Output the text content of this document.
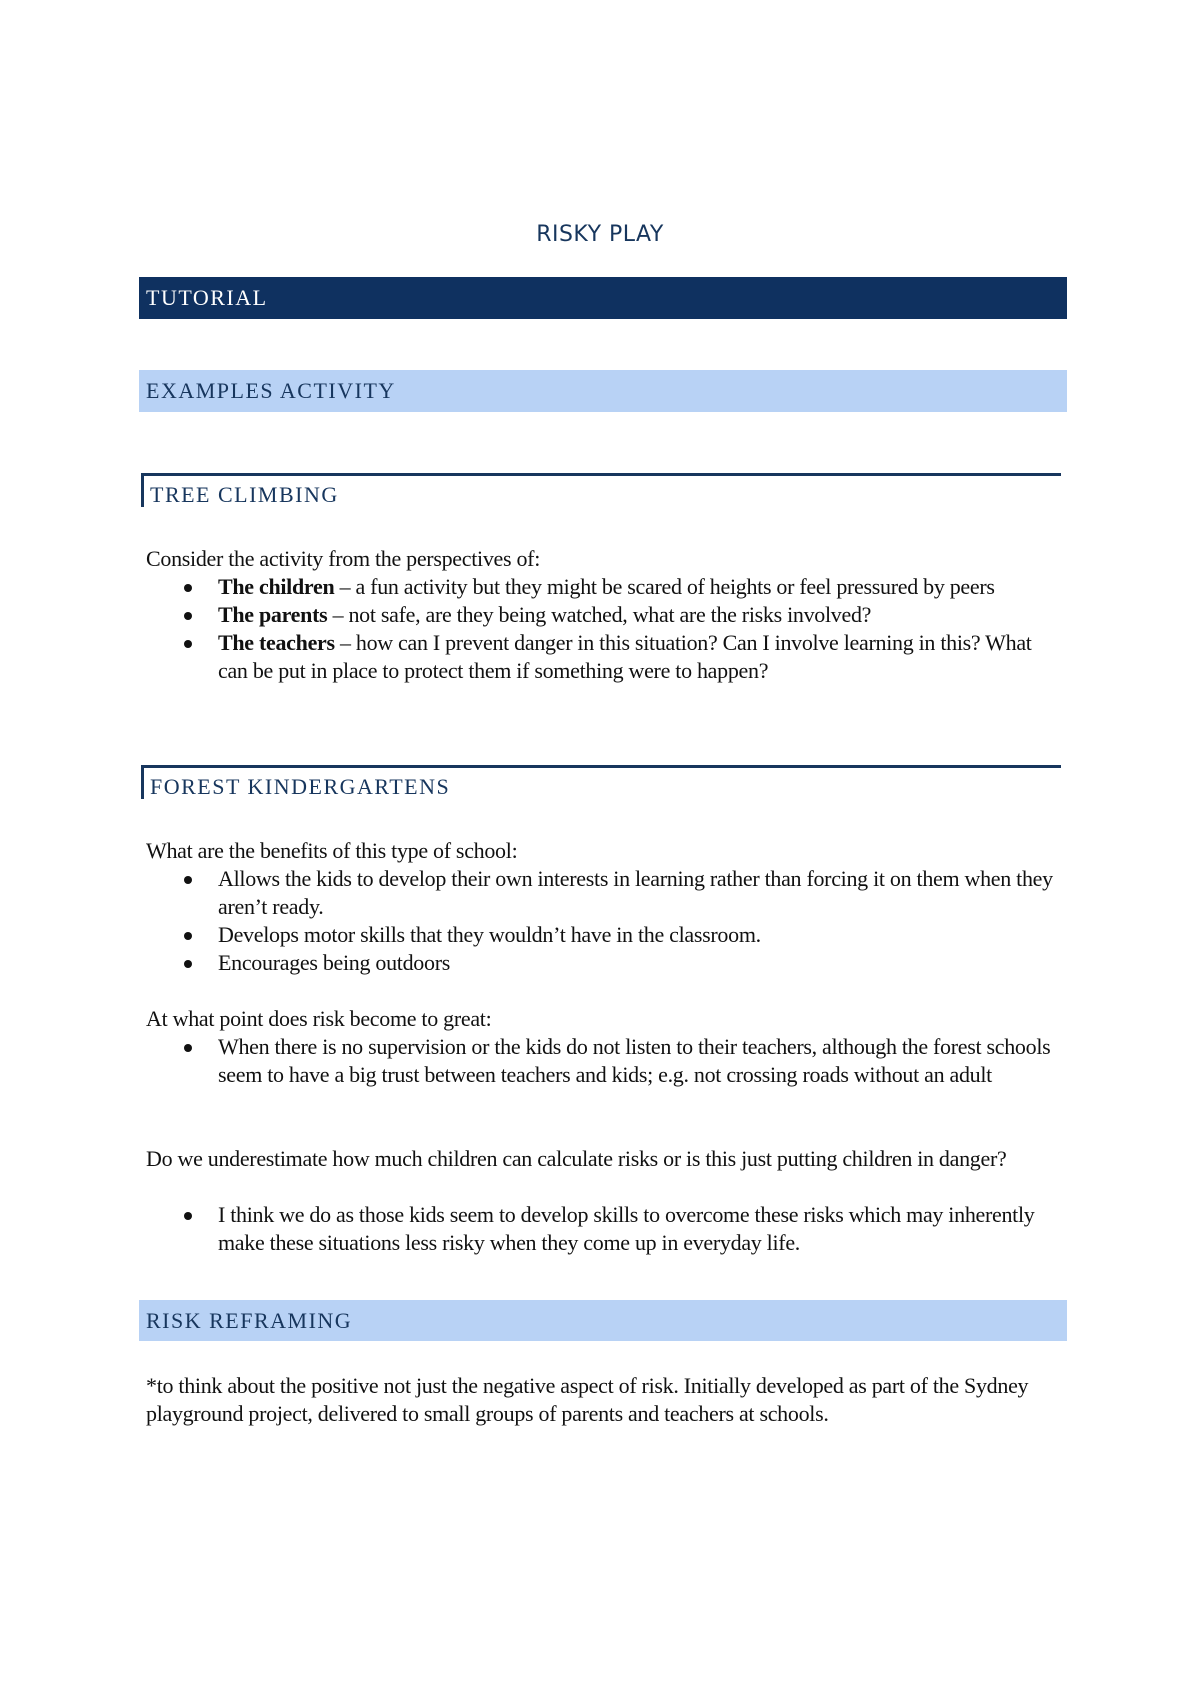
RISKY PLAY
TUTORIAL
EXAMPLES ACTIVITY
TREE CLIMBING
Consider the activity from the perspectives of:
The children – a fun activity but they might be scared of heights or feel pressured by peers
The parents – not safe, are they being watched, what are the risks involved?
The teachers – how can I prevent danger in this situation? Can I involve learning in this? What can be put in place to protect them if something were to happen?
FOREST KINDERGARTENS
What are the benefits of this type of school:
Allows the kids to develop their own interests in learning rather than forcing it on them when they aren’t ready.
Develops motor skills that they wouldn’t have in the classroom.
Encourages being outdoors
At what point does risk become to great:
When there is no supervision or the kids do not listen to their teachers, although the forest schools seem to have a big trust between teachers and kids; e.g. not crossing roads without an adult
Do we underestimate how much children can calculate risks or is this just putting children in danger?
I think we do as those kids seem to develop skills to overcome these risks which may inherently make these situations less risky when they come up in everyday life.
RISK REFRAMING
*to think about the positive not just the negative aspect of risk. Initially developed as part of the Sydney playground project, delivered to small groups of parents and teachers at schools.
